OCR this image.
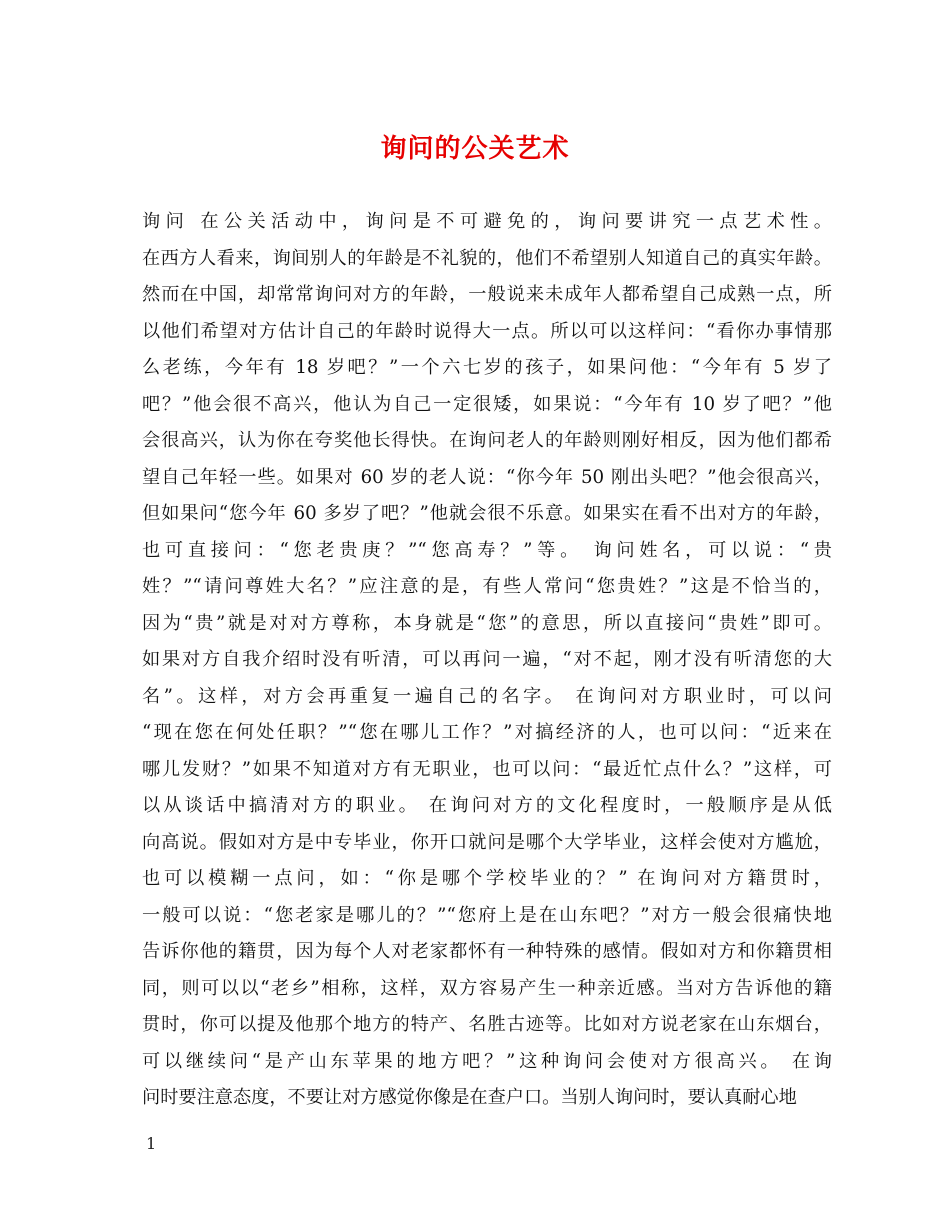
询问的公关艺术
询问 在公关活动中，询问是不可避免的，询问要讲究一点艺术性。
在西方人看来，询间别人的年龄是不礼貌的，他们不希望别人知道自己的真实年龄。
然而在中国，却常常询问对方的年龄，一般说来未成年人都希望自己成熟一点，所
以他们希望对方估计自己的年龄时说得大一点。所以可以这样问：“看你办事情那
么老练，今年有 18 岁吧？”一个六七岁的孩子，如果问他：“今年有 5 岁了
吧？”他会很不高兴，他认为自己一定很矮，如果说：“今年有 10 岁了吧？”他
会很高兴，认为你在夸奖他长得快。在询问老人的年龄则刚好相反，因为他们都希
望自己年轻一些。如果对 60 岁的老人说：“你今年 50 刚出头吧？”他会很高兴，
但如果问“您今年 60 多岁了吧？”他就会很不乐意。如果实在看不出对方的年龄，
也可直接问：“您老贵庚？”“您高寿？”等。 询问姓名，可以说：“贵
姓？”“请问尊姓大名？”应注意的是，有些人常问“您贵姓？”这是不恰当的，
因为“贵”就是对对方尊称，本身就是“您”的意思，所以直接问“贵姓”即可。
如果对方自我介绍时没有听清，可以再问一遍，“对不起，刚才没有听清您的大
名”。这样，对方会再重复一遍自己的名字。 在询问对方职业时，可以问
“现在您在何处任职？”“您在哪儿工作？”对搞经济的人，也可以问：“近来在
哪儿发财？”如果不知道对方有无职业，也可以问：“最近忙点什么？”这样，可
以从谈话中搞清对方的职业。 在询问对方的文化程度时，一般顺序是从低
向高说。假如对方是中专毕业，你开口就问是哪个大学毕业，这样会使对方尴尬，
也可以模糊一点问，如：“你是哪个学校毕业的？” 在询问对方籍贯时，
一般可以说：“您老家是哪儿的？”“您府上是在山东吧？”对方一般会很痛快地
告诉你他的籍贯，因为每个人对老家都怀有一种特殊的感情。假如对方和你籍贯相
同，则可以以“老乡”相称，这样，双方容易产生一种亲近感。当对方告诉他的籍
贯时，你可以提及他那个地方的特产、名胜古迹等。比如对方说老家在山东烟台，
可以继续问“是产山东苹果的地方吧？”这种询问会使对方很高兴。 在询
问时要注意态度，不要让对方感觉你像是在查户口。当别人询问时，要认真耐心地
1
